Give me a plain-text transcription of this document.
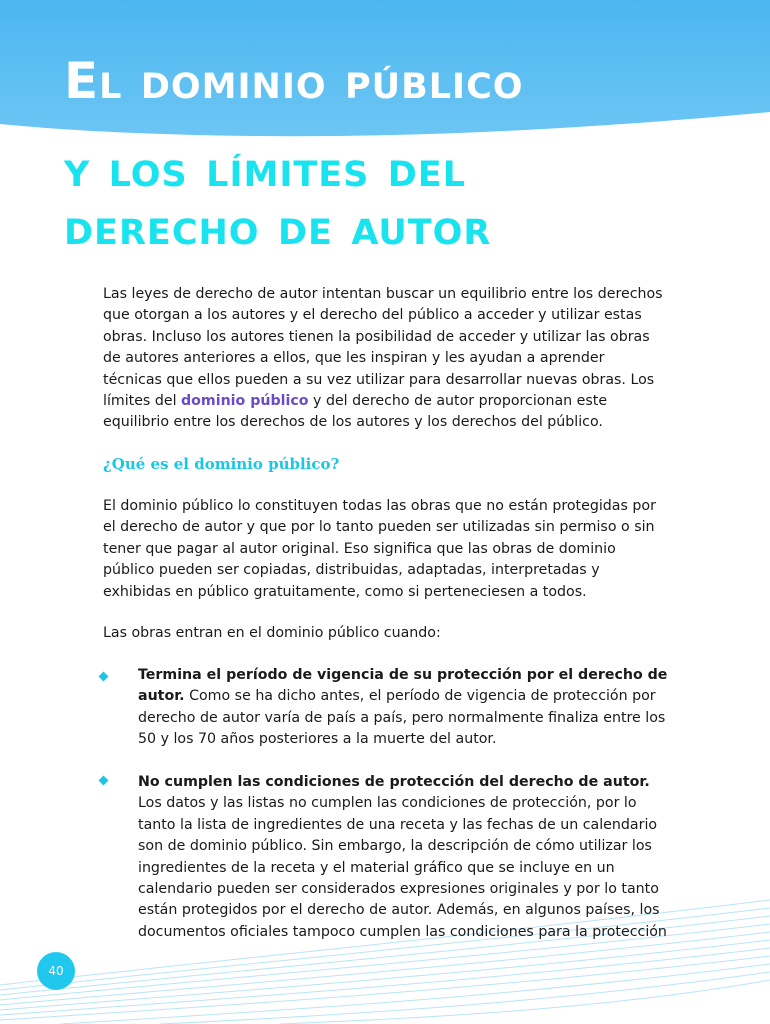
El dominio público
y los límites del
derecho de autor

Las leyes de derecho de autor intentan buscar un equilibrio entre los derechos que otorgan a los autores y el derecho del público a acceder y utilizar estas obras. Incluso los autores tienen la posibilidad de acceder y utilizar las obras de autores anteriores a ellos, que les inspiran y les ayudan a aprender técnicas que ellos pueden a su vez utilizar para desarrollar nuevas obras. Los límites del dominio público y del derecho de autor proporcionan este equilibrio entre los derechos de los autores y los derechos del público.

¿Qué es el dominio público?

El dominio público lo constituyen todas las obras que no están protegidas por el derecho de autor y que por lo tanto pueden ser utilizadas sin permiso o sin tener que pagar al autor original. Eso significa que las obras de dominio público pueden ser copiadas, distribuidas, adaptadas, interpretadas y exhibidas en público gratuitamente, como si perteneciesen a todos.

Las obras entran en el dominio público cuando:

Termina el período de vigencia de su protección por el derecho de autor. Como se ha dicho antes, el período de vigencia de protección por derecho de autor varía de país a país, pero normalmente finaliza entre los 50 y los 70 años posteriores a la muerte del autor.

No cumplen las condiciones de protección del derecho de autor. Los datos y las listas no cumplen las condiciones de protección, por lo tanto la lista de ingredientes de una receta y las fechas de un calendario son de dominio público. Sin embargo, la descripción de cómo utilizar los ingredientes de la receta y el material gráfico que se incluye en un calendario pueden ser considerados expresiones originales y por lo tanto están protegidos por el derecho de autor. Además, en algunos países, los documentos oficiales tampoco cumplen las condiciones para la protección

40
